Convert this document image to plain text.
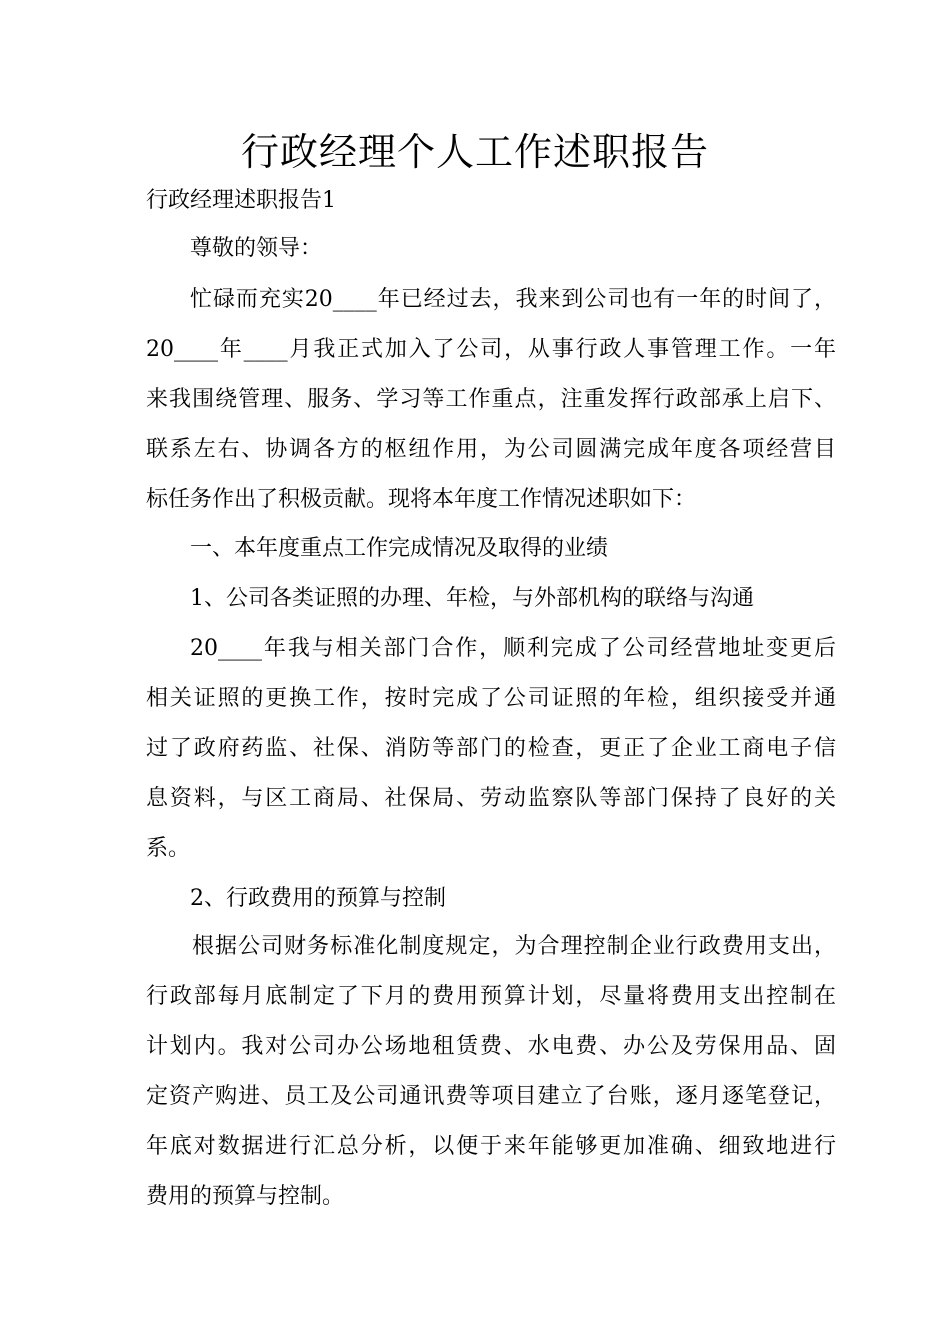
行政经理个人工作述职报告
行政经理述职报告1
尊敬的领导：
忙碌而充实20____年已经过去，我来到公司也有一年的时间了，
20____年____月我正式加入了公司，从事行政人事管理工作。一年
来我围绕管理、服务、学习等工作重点，注重发挥行政部承上启下、
联系左右、协调各方的枢纽作用，为公司圆满完成年度各项经营目
标任务作出了积极贡献。现将本年度工作情况述职如下：
一、本年度重点工作完成情况及取得的业绩
1、公司各类证照的办理、年检，与外部机构的联络与沟通
20____年我与相关部门合作，顺利完成了公司经营地址变更后
相关证照的更换工作，按时完成了公司证照的年检，组织接受并通
过了政府药监、社保、消防等部门的检查，更正了企业工商电子信
息资料，与区工商局、社保局、劳动监察队等部门保持了良好的关
系。
2、行政费用的预算与控制
根据公司财务标准化制度规定，为合理控制企业行政费用支出，
行政部每月底制定了下月的费用预算计划，尽量将费用支出控制在
计划内。我对公司办公场地租赁费、水电费、办公及劳保用品、固
定资产购进、员工及公司通讯费等项目建立了台账，逐月逐笔登记，
年底对数据进行汇总分析，以便于来年能够更加准确、细致地进行
费用的预算与控制。
